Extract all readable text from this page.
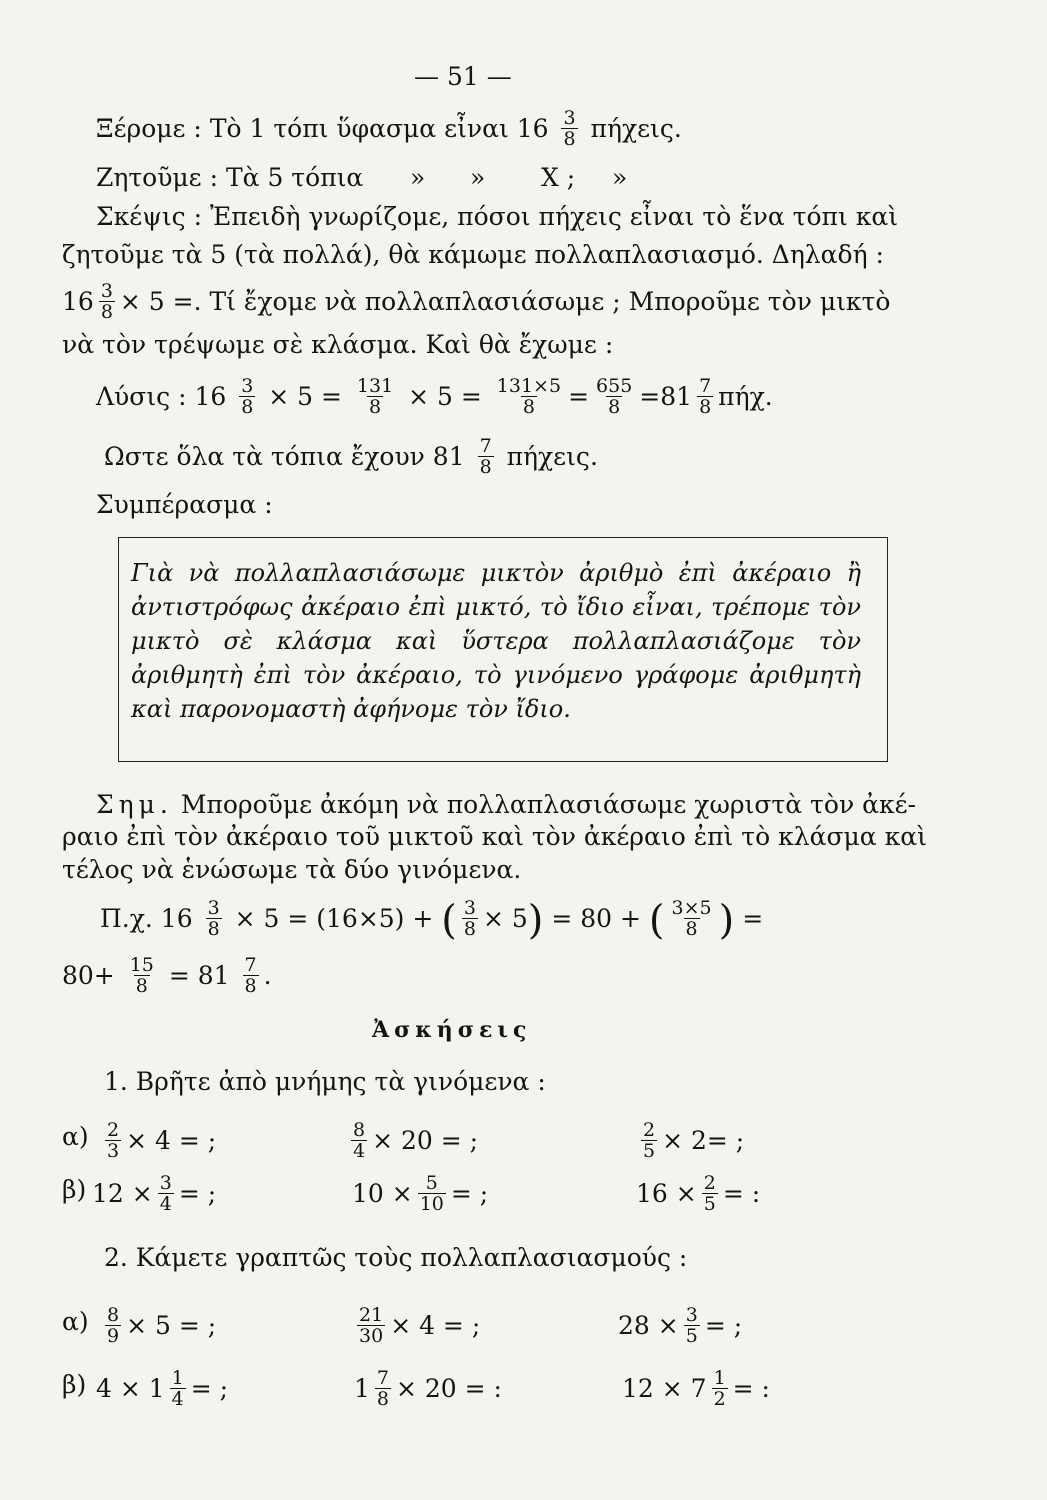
— 51 —
Ξέρομε : Τὸ 1 τόπι ὕφασμα εἶναι $16 \frac{3}{8} \pi ή\chi\varepsilon\iota\varsigma$.
Ζητοῦμε : Τὰ 5 τόπια » » Χ ; »
Σκέψις : Ἐπειδὴ γνωρίζομε, πόσοι πήχεις εἶναι τὸ ἕνα τόπι καὶ
ζητοῦμε τὰ 5 (τὰ πολλά), θὰ κάμωμε πολλαπλασιασμό. Δηλαδή :
$16 \frac{3}{8} \times 5$ =. Τί ἔχομε νὰ πολλαπλασιάσωμε ; Μποροῦμε τὸν μικτὸ
νὰ τὸν τρέψωμε σὲ κλάσμα. Καὶ θὰ ἔχωμε :
Λύσις : $16 \frac{3}{8} \times 5 = \frac{131}{8} \times 5 = \frac{131\times 5}{8} = \frac{655}{8} =81 \frac{7}{8} \pi ή\chi$.
Ωστε ὅλα τὰ τόπια ἔχουν $81 \frac{7}{8} \pi ή\chi\varepsilon\iota\varsigma$.
Συμπέρασμα :
Γιὰ νὰ πολλαπλασιάσωμε μικτὸν ἀριθμὸ ἐπὶ ἀκέραιο ἢ ἀντιστρόφως ἀκέραιο ἐπὶ μικτό, τὸ ἴδιο εἶναι, τρέπομε τὸν μικτὸ σὲ κλάσμα καὶ ὕστερα πολλαπλασιάζομε τὸν ἀριθμητὴ ἐπὶ τὸν ἀκέραιο, τὸ γινόμενο γράφομε ἀριθμητὴ καὶ παρονομαστὴ ἀφήνομε τὸν ἴδιο.
Σημ. Μποροῦμε ἀκόμη νὰ πολλαπλασιάσωμε χωριστὰ τὸν ἀκέ-
ραιο ἐπὶ τὸν ἀκέραιο τοῦ μικτοῦ καὶ τὸν ἀκέραιο ἐπὶ τὸ κλάσμα καὶ
τέλος νὰ ἑνώσωμε τὰ δύο γινόμενα.
Π.χ. $16 \frac{3}{8} \times 5 = (16\times 5)$ + ( $\frac{3}{8} \times 5) = 80$ + ( $\frac{3\times 5}{8}$ ) =
$80+ \frac{15}{8} = 81 \frac{7}{8}$ .
Ἀσκήσεις
1. Βρῆτε ἀπὸ μνήμης τὰ γινόμενα :
$\alpha) \frac{2}{3} \times 4$ = ;	$\frac{8}{4} \times 20$ = ;	$\frac{2}{5} \times 2=$ ;
β) $12 \times \frac{3}{4}$ = ;	$10 \times \frac{5}{10}$ = ;	$16 \times \frac{2}{5}$ = :
2. Κάμετε γραπτῶς τοὺς πολλαπλασιασμούς :
$\alpha) \frac{8}{9} \times 5$ = ;	$\frac{21}{30} \times 4$ = ;	$28 \times \frac{3}{5}$ = ;
β) $4 \times 1 \frac{1}{4}$ = ;	$1 \frac{7}{8} \times 20$ = :	$12 \times 7 \frac{1}{2}$ = :
